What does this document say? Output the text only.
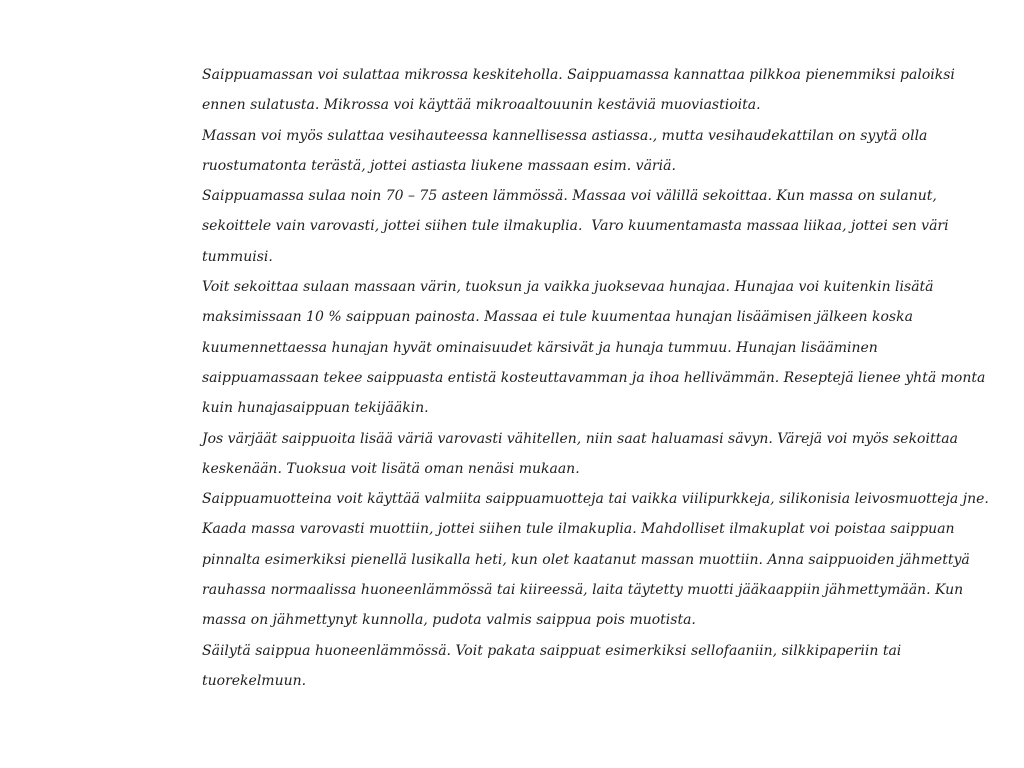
Saippuamassan voi sulattaa mikrossa keskiteholla. Saippuamassa kannattaa pilkkoa pienemmiksi paloiksi
ennen sulatusta. Mikrossa voi käyttää mikroaaltouunin kestäviä muoviastioita.
Massan voi myös sulattaa vesihauteessa kannellisessa astiassa., mutta vesihaudekattilan on syytä olla
ruostumatonta terästä, jottei astiasta liukene massaan esim. väriä.
Saippuamassa sulaa noin 70 – 75 asteen lämmössä. Massaa voi välillä sekoittaa. Kun massa on sulanut,
sekoittele vain varovasti, jottei siihen tule ilmakuplia.  Varo kuumentamasta massaa liikaa, jottei sen väri
tummuisi.
Voit sekoittaa sulaan massaan värin, tuoksun ja vaikka juoksevaa hunajaa. Hunajaa voi kuitenkin lisätä
maksimissaan 10 % saippuan painosta. Massaa ei tule kuumentaa hunajan lisäämisen jälkeen koska
kuumennettaessa hunajan hyvät ominaisuudet kärsivät ja hunaja tummuu. Hunajan lisääminen
saippuamassaan tekee saippuasta entistä kosteuttavamman ja ihoa hellivämmän. Reseptejä lienee yhtä monta
kuin hunajasaippuan tekijääkin.
Jos värjäät saippuoita lisää väriä varovasti vähitellen, niin saat haluamasi sävyn. Värejä voi myös sekoittaa
keskenään. Tuoksua voit lisätä oman nenäsi mukaan.
Saippuamuotteina voit käyttää valmiita saippuamuotteja tai vaikka viilipurkkeja, silikonisia leivosmuotteja jne.
Kaada massa varovasti muottiin, jottei siihen tule ilmakuplia. Mahdolliset ilmakuplat voi poistaa saippuan
pinnalta esimerkiksi pienellä lusikalla heti, kun olet kaatanut massan muottiin. Anna saippuoiden jähmettyä
rauhassa normaalissa huoneenlämmössä tai kiireessä, laita täytetty muotti jääkaappiin jähmettymään. Kun
massa on jähmettynyt kunnolla, pudota valmis saippua pois muotista.
Säilytä saippua huoneenlämmössä. Voit pakata saippuat esimerkiksi sellofaaniin, silkkipaperiin tai
tuorekelmuun.
